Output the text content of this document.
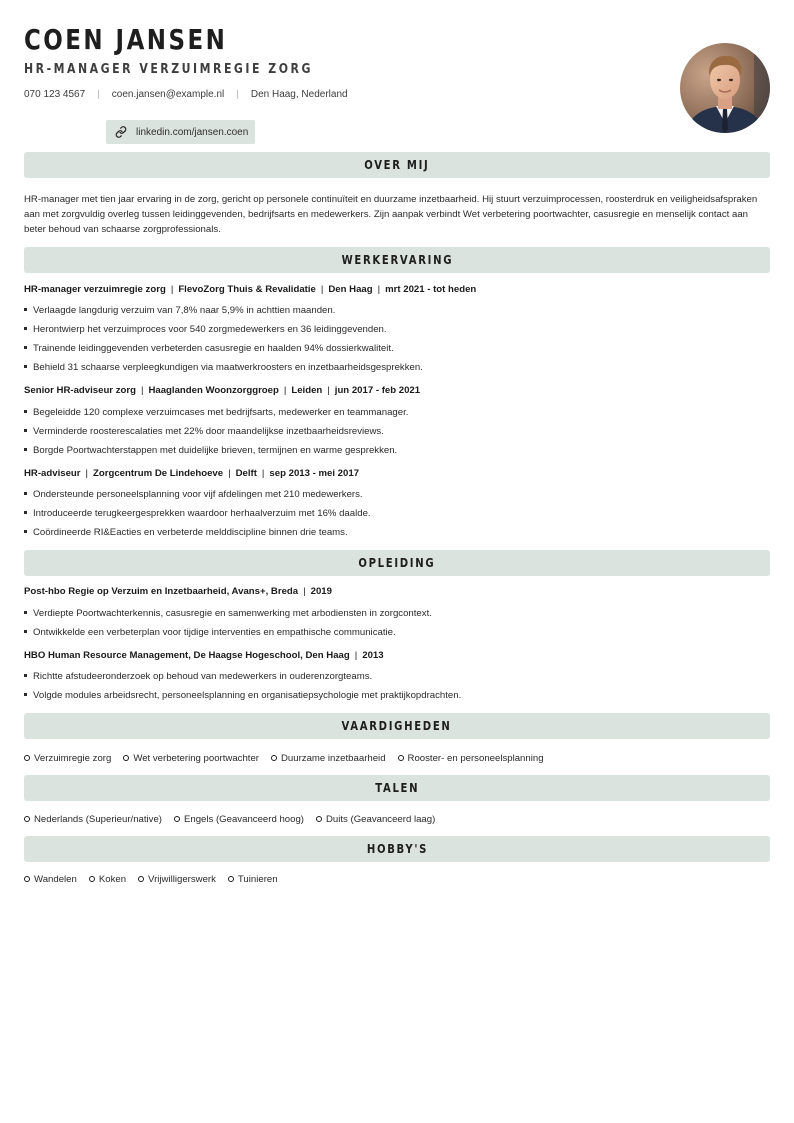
COEN JANSEN
HR-MANAGER VERZUIMREGIE ZORG
070 123 4567 | coen.jansen@example.nl | Den Haag, Nederland
linkedin.com/jansen.coen
OVER MIJ

HR-manager met tien jaar ervaring in de zorg, gericht op personele continuïteit en duurzame inzetbaarheid. Hij stuurt verzuimprocessen, roosterdruk en veiligheidsafspraken aan met zorgvuldig overleg tussen leidinggevenden, bedrijfsarts en medewerkers. Zijn aanpak verbindt Wet verbetering poortwachter, casusregie en menselijk contact aan beter behoud van schaarse zorgprofessionals.

WERKERVARING

HR-manager verzuimregie zorg | FlevoZorg Thuis & Revalidatie | Den Haag | mrt 2021 - tot heden

Verlaagde langdurig verzuim van 7,8% naar 5,9% in achttien maanden.

Herontwierp het verzuimproces voor 540 zorgmedewerkers en 36 leidinggevenden.

Trainende leidinggevenden verbeterden casusregie en haalden 94% dossierkwaliteit.

Behield 31 schaarse verpleegkundigen via maatwerkroosters en inzetbaarheidsgesprekken.

Senior HR-adviseur zorg | Haaglanden Woonzorggroep | Leiden | jun 2017 - feb 2021

Begeleidde 120 complexe verzuimcases met bedrijfsarts, medewerker en teammanager.

Verminderde roosterescalaties met 22% door maandelijkse inzetbaarheidsreviews.

Borgde Poortwachterstappen met duidelijke brieven, termijnen en warme gesprekken.

HR-adviseur | Zorgcentrum De Lindehoeve | Delft | sep 2013 - mei 2017

Ondersteunde personeelsplanning voor vijf afdelingen met 210 medewerkers.

Introduceerde terugkeergesprekken waardoor herhaalverzuim met 16% daalde.

Coördineerde RI&Eacties en verbeterde melddiscipline binnen drie teams.

OPLEIDING

Post-hbo Regie op Verzuim en Inzetbaarheid, Avans+, Breda | 2019

Verdiepte Poortwachterkennis, casusregie en samenwerking met arbodiensten in zorgcontext.

Ontwikkelde een verbeterplan voor tijdige interventies en empathische communicatie.

HBO Human Resource Management, De Haagse Hogeschool, Den Haag | 2013

Richtte afstudeeronderzoek op behoud van medewerkers in ouderenzorgteams.

Volgde modules arbeidsrecht, personeelsplanning en organisatiepsychologie met praktijkopdrachten.

VAARDIGHEDEN
Verzuimregie zorg Wet verbetering poortwachter Duurzame inzetbaarheid Rooster- en personeelsplanning
TALEN
Nederlands (Superieur/native) Engels (Geavanceerd hoog) Duits (Geavanceerd laag)
HOBBY'S
Wandelen Koken Vrijwilligerswerk Tuinieren
